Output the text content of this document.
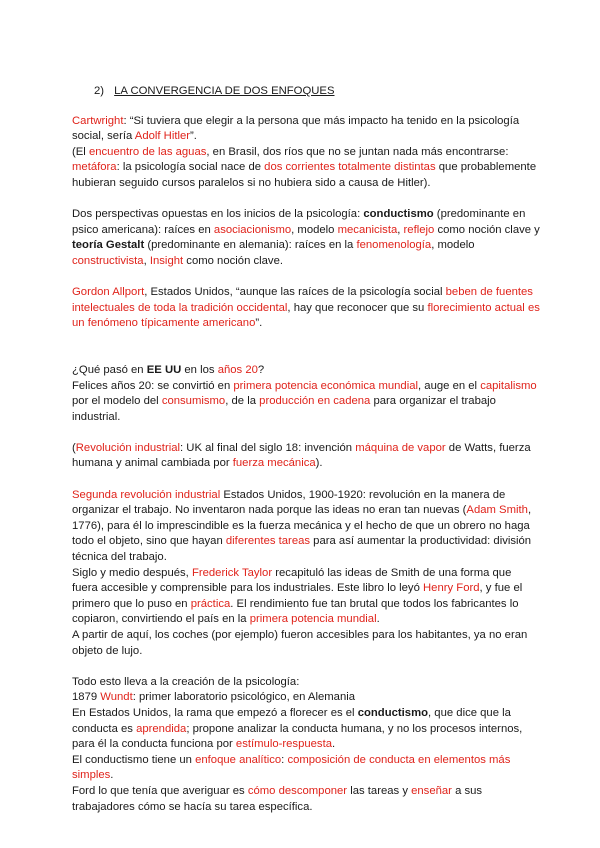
2) LA CONVERGENCIA DE DOS ENFOQUES

Cartwright: “Si tuviera que elegir a la persona que más impacto ha tenido en la psicología social, sería Adolf Hitler”.

(El encuentro de las aguas, en Brasil, dos ríos que no se juntan nada más encontrarse: metáfora: la psicología social nace de dos corrientes totalmente distintas que probablemente hubieran seguido cursos paralelos si no hubiera sido a causa de Hitler).

Dos perspectivas opuestas en los inicios de la psicología: conductismo (predominante en psico americana): raíces en asociacionismo, modelo mecanicista, reflejo como noción clave y teoría Gestalt (predominante en alemania): raíces en la fenomenología, modelo constructivista, Insight como noción clave.

Gordon Allport, Estados Unidos, “aunque las raíces de la psicología social beben de fuentes intelectuales de toda la tradición occidental, hay que reconocer que su florecimiento actual es un fenómeno típicamente americano”.

¿Qué pasó en EE UU en los años 20?

Felices años 20: se convirtió en primera potencia económica mundial, auge en el capitalismo por el modelo del consumismo, de la producción en cadena para organizar el trabajo industrial.

(Revolución industrial: UK al final del siglo 18: invención máquina de vapor de Watts, fuerza humana y animal cambiada por fuerza mecánica).

Segunda revolución industrial Estados Unidos, 1900-1920: revolución en la manera de organizar el trabajo. No inventaron nada porque las ideas no eran tan nuevas (Adam Smith, 1776), para él lo imprescindible es la fuerza mecánica y el hecho de que un obrero no haga todo el objeto, sino que hayan diferentes tareas para así aumentar la productividad: división técnica del trabajo.

Siglo y medio después, Frederick Taylor recapituló las ideas de Smith de una forma que fuera accesible y comprensible para los industriales. Este libro lo leyó Henry Ford, y fue el primero que lo puso en práctica. El rendimiento fue tan brutal que todos los fabricantes lo copiaron, convirtiendo el país en la primera potencia mundial.

A partir de aquí, los coches (por ejemplo) fueron accesibles para los habitantes, ya no eran objeto de lujo.

Todo esto lleva a la creación de la psicología:

1879 Wundt: primer laboratorio psicológico, en Alemania

En Estados Unidos, la rama que empezó a florecer es el conductismo, que dice que la conducta es aprendida; propone analizar la conducta humana, y no los procesos internos, para él la conducta funciona por estímulo-respuesta.

El conductismo tiene un enfoque analítico: composición de conducta en elementos más simples.

Ford lo que tenía que averiguar es cómo descomponer las tareas y enseñar a sus trabajadores cómo se hacía su tarea específica.
